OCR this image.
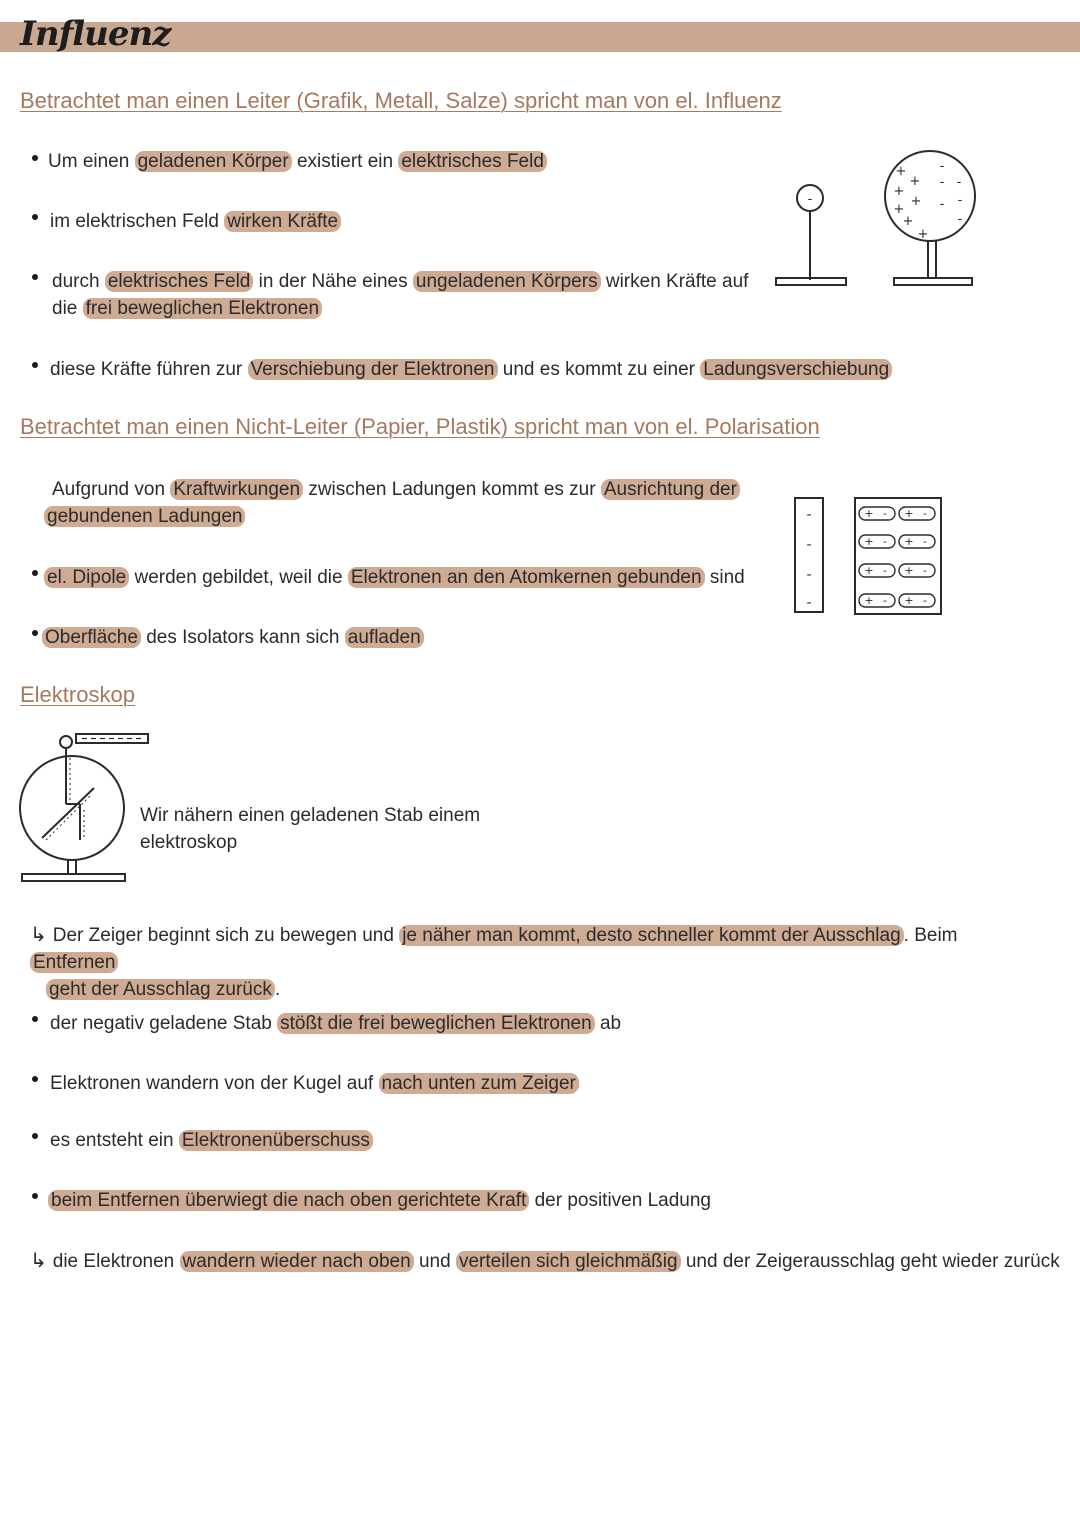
Influenz
Betrachtet man einen Leiter (Grafik, Metall, Salze) spricht man von el. Influenz
Um einen geladenen Körper existiert ein elektrisches Feld
im elektrischen Feld wirken Kräfte
durch elektrisches Feld in der Nähe eines ungeladenen Körpers wirken Kräfte auf
die frei beweglichen Elektronen
diese Kräfte führen zur Verschiebung der Elektronen und es kommt zu einer Ladungsverschiebung
-
+
+
+
+
+
+
+
-
- -
- -
-
Betrachtet man einen Nicht-Leiter (Papier, Plastik) spricht man von el. Polarisation
Aufgrund von Kraftwirkungen zwischen Ladungen kommt es zur Ausrichtung der
gebundenen Ladungen
el. Dipole werden gebildet, weil die Elektronen an den Atomkernen gebunden sind
Oberfläche des Isolators kann sich aufladen
-
-
-
-
+ - + -
+ - + -
+ - + -
+ - + -
Elektroskop
Wir nähern einen geladenen Stab einem
elektroskop
↳ Der Zeiger beginnt sich zu bewegen und je näher man kommt, desto schneller kommt der Ausschlag . Beim Entfernen
geht der Ausschlag zurück .
der negativ geladene Stab stößt die frei beweglichen Elektronen ab
Elektronen wandern von der Kugel auf nach unten zum Zeiger
es entsteht ein Elektronenüberschuss
beim Entfernen überwiegt die nach oben gerichtete Kraft der positiven Ladung
↳ die Elektronen wandern wieder nach oben und verteilen sich gleichmäßig und der Zeigerausschlag geht wieder zurück
